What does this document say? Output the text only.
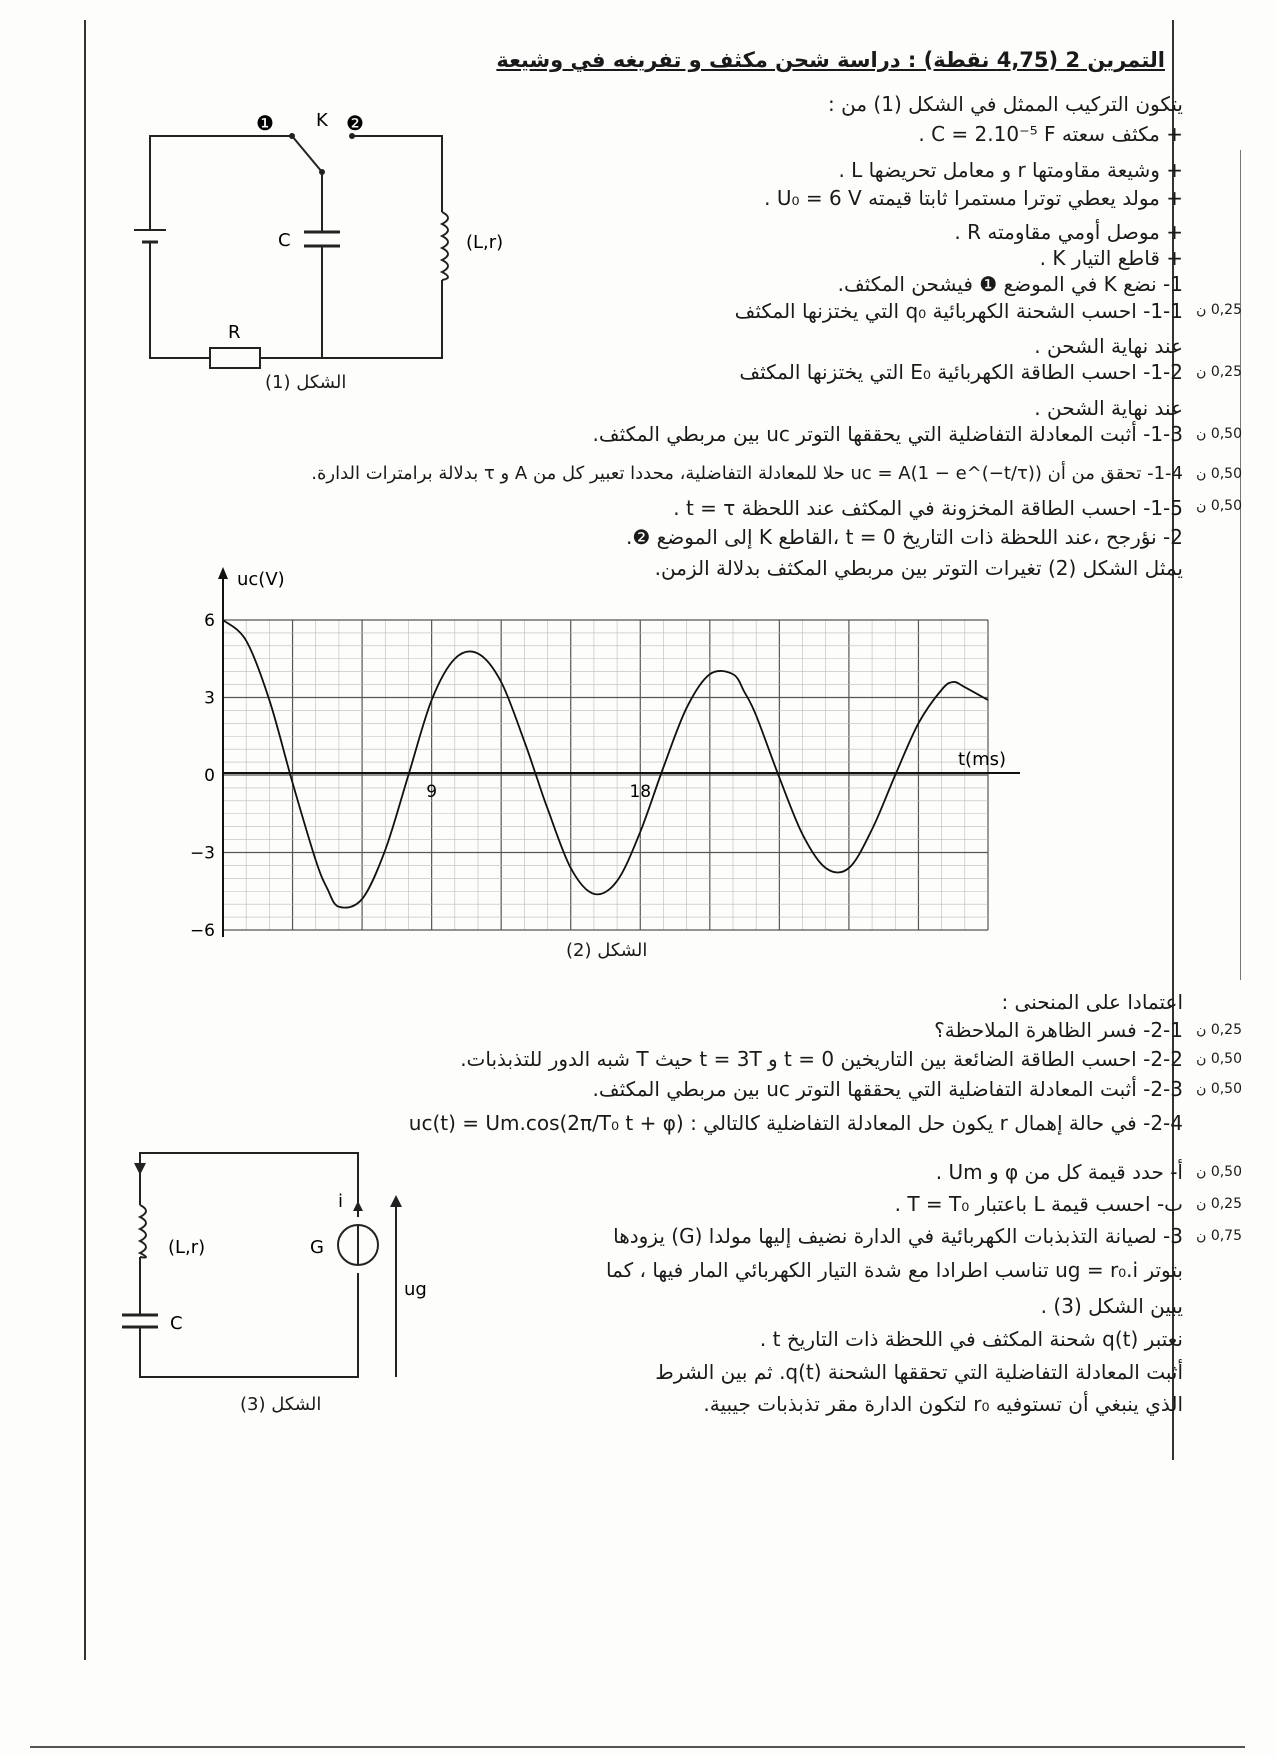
التمرين 2 (4,75 نقطة) : دراسة شحن مكثف و تفريغه في وشيعة
يتكون التركيب الممثل في الشكل (1) من :
+ مكثف سعته C = 2.10⁻⁵ F .
+ وشيعة مقاومتها r و معامل تحريضها L .
+ مولد يعطي توترا مستمرا ثابتا قيمته U₀ = 6 V .
+ موصل أومي مقاومته R .
+ قاطع التيار K .
1- نضع K في الموضع ❶ فيشحن المكثف.
1-1- احسب الشحنة الكهربائية q₀ التي يختزنها المكثف
عند نهاية الشحن .
1-2- احسب الطاقة الكهربائية E₀ التي يختزنها المكثف
عند نهاية الشحن .
1-3- أثبت المعادلة التفاضلية التي يحققها التوتر uc بين مربطي المكثف.
1-4- تحقق من أن uc = A(1 − e^(−t/τ)) حلا للمعادلة التفاضلية، محددا تعبير كل من A و τ بدلالة برامترات الدارة.
1-5- احسب الطاقة المخزونة في المكثف عند اللحظة t = τ .
2- نؤرجح ،عند اللحظة ذات التاريخ t = 0 ،القاطع K إلى الموضع ❷.
يمثل الشكل (2) تغيرات التوتر بين مربطي المكثف بدلالة الزمن.
0,25 ن
0,25 ن
0,50 ن
0,50 ن
0,50 ن
❶ K ❷
C	(L,r)
R
الشكل (1)
uc(V)
t(ms)
6
3
0
−3
−6
9	18
الشكل (2)
اعتمادا على المنحنى :
2-1- فسر الظاهرة الملاحظة؟
2-2- احسب الطاقة الضائعة بين التاريخين t = 0 و t = 3T حيث T شبه الدور للتذبذبات.
2-3- أثبت المعادلة التفاضلية التي يحققها التوتر uc بين مربطي المكثف.
2-4- في حالة إهمال r يكون حل المعادلة التفاضلية كالتالي : uc(t) = Um.cos(2π/T₀ t + φ)
أ- حدد قيمة كل من φ و Um .
ب- احسب قيمة L باعتبار T = T₀ .
3- لصيانة التذبذبات الكهربائية في الدارة نضيف إليها مولدا (G) يزودها
بتوتر ug = r₀.i تناسب اطرادا مع شدة التيار الكهربائي المار فيها ، كما
يبين الشكل (3) .
نعتبر q(t) شحنة المكثف في اللحظة ذات التاريخ t .
أثبت المعادلة التفاضلية التي تحققها الشحنة q(t). ثم بين الشرط
الذي ينبغي أن تستوفيه r₀ لتكون الدارة مقر تذبذبات جيبية.
0,25 ن
0,50 ن
0,50 ن
0,50 ن
0,25 ن
0,75 ن
(L,r)
C
G
i
ug
الشكل (3)
